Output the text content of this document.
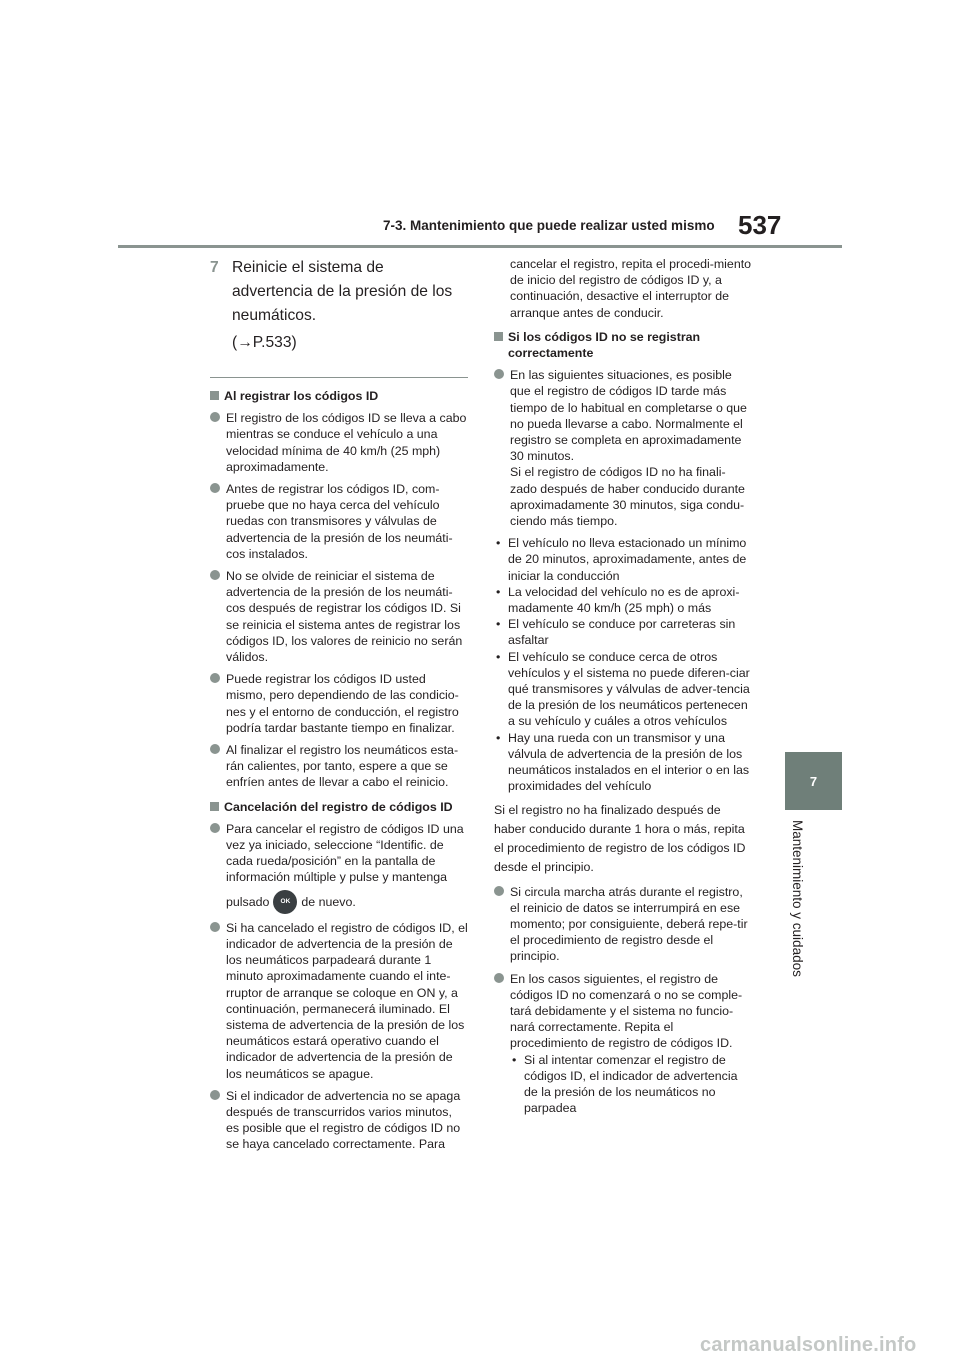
7-3. Mantenimiento que puede realizar usted mismo 537
7
Mantenimiento y cuidados
7 Reinicie el sistema de advertencia de la presión de los neumáticos.
(→P.533)
Al registrar los códigos ID
El registro de los códigos ID se lleva a cabo mientras se conduce el vehículo a una velocidad mínima de 40 km/h (25 mph) aproximadamente.
Antes de registrar los códigos ID, com-pruebe que no haya cerca del vehículo ruedas con transmisores y válvulas de advertencia de la presión de los neumáti-cos instalados.
No se olvide de reiniciar el sistema de advertencia de la presión de los neumáti-cos después de registrar los códigos ID. Si se reinicia el sistema antes de registrar los códigos ID, los valores de reinicio no serán válidos.
Puede registrar los códigos ID usted mismo, pero dependiendo de las condicio-nes y el entorno de conducción, el registro podría tardar bastante tiempo en finalizar.
Al finalizar el registro los neumáticos esta-rán calientes, por tanto, espere a que se enfríen antes de llevar a cabo el reinicio.
Cancelación del registro de códigos ID
Para cancelar el registro de códigos ID una vez ya iniciado, seleccione “Identific. de cada rueda/posición” en la pantalla de información múltiple y pulse y mantenga
pulsado	OK de nuevo.
Si ha cancelado el registro de códigos ID, el indicador de advertencia de la presión de los neumáticos parpadeará durante 1 minuto aproximadamente cuando el inte-rruptor de arranque se coloque en ON y, a continuación, permanecerá iluminado. El sistema de advertencia de la presión de los neumáticos estará operativo cuando el indicador de advertencia de la presión de los neumáticos se apague.
Si el indicador de advertencia no se apaga después de transcurridos varios minutos, es posible que el registro de códigos ID no se haya cancelado correctamente. Para
cancelar el registro, repita el procedi-miento de inicio del registro de códigos ID y, a continuación, desactive el interruptor de arranque antes de conducir.
Si los códigos ID no se registran correctamente
En las siguientes situaciones, es posible que el registro de códigos ID tarde más tiempo de lo habitual en completarse o que no pueda llevarse a cabo. Normalmente el registro se completa en aproximadamente 30 minutos.
Si el registro de códigos ID no ha finali-zado después de haber conducido durante aproximadamente 30 minutos, siga condu-ciendo más tiempo.
• El vehículo no lleva estacionado un mínimo de 20 minutos, aproximadamente, antes de iniciar la conducción
• La velocidad del vehículo no es de aproxi-madamente 40 km/h (25 mph) o más
• El vehículo se conduce por carreteras sin asfaltar
• El vehículo se conduce cerca de otros vehículos y el sistema no puede diferen-ciar qué transmisores y válvulas de adver-tencia de la presión de los neumáticos pertenecen a su vehículo y cuáles a otros vehículos
• Hay una rueda con un transmisor y una válvula de advertencia de la presión de los neumáticos instalados en el interior o en las proximidades del vehículo
Si el registro no ha finalizado después de haber conducido durante 1 hora o más, repita el procedimiento de registro de los códigos ID desde el principio.
Si circula marcha atrás durante el registro, el reinicio de datos se interrumpirá en ese momento; por consiguiente, deberá repe-tir el procedimiento de registro desde el principio.
En los casos siguientes, el registro de códigos ID no comenzará o no se comple-tará debidamente y el sistema no funcio-nará correctamente. Repita el procedimiento de registro de códigos ID.
• Si al intentar comenzar el registro de códigos ID, el indicador de advertencia de la presión de los neumáticos no parpadea
carmanualsonline.info
